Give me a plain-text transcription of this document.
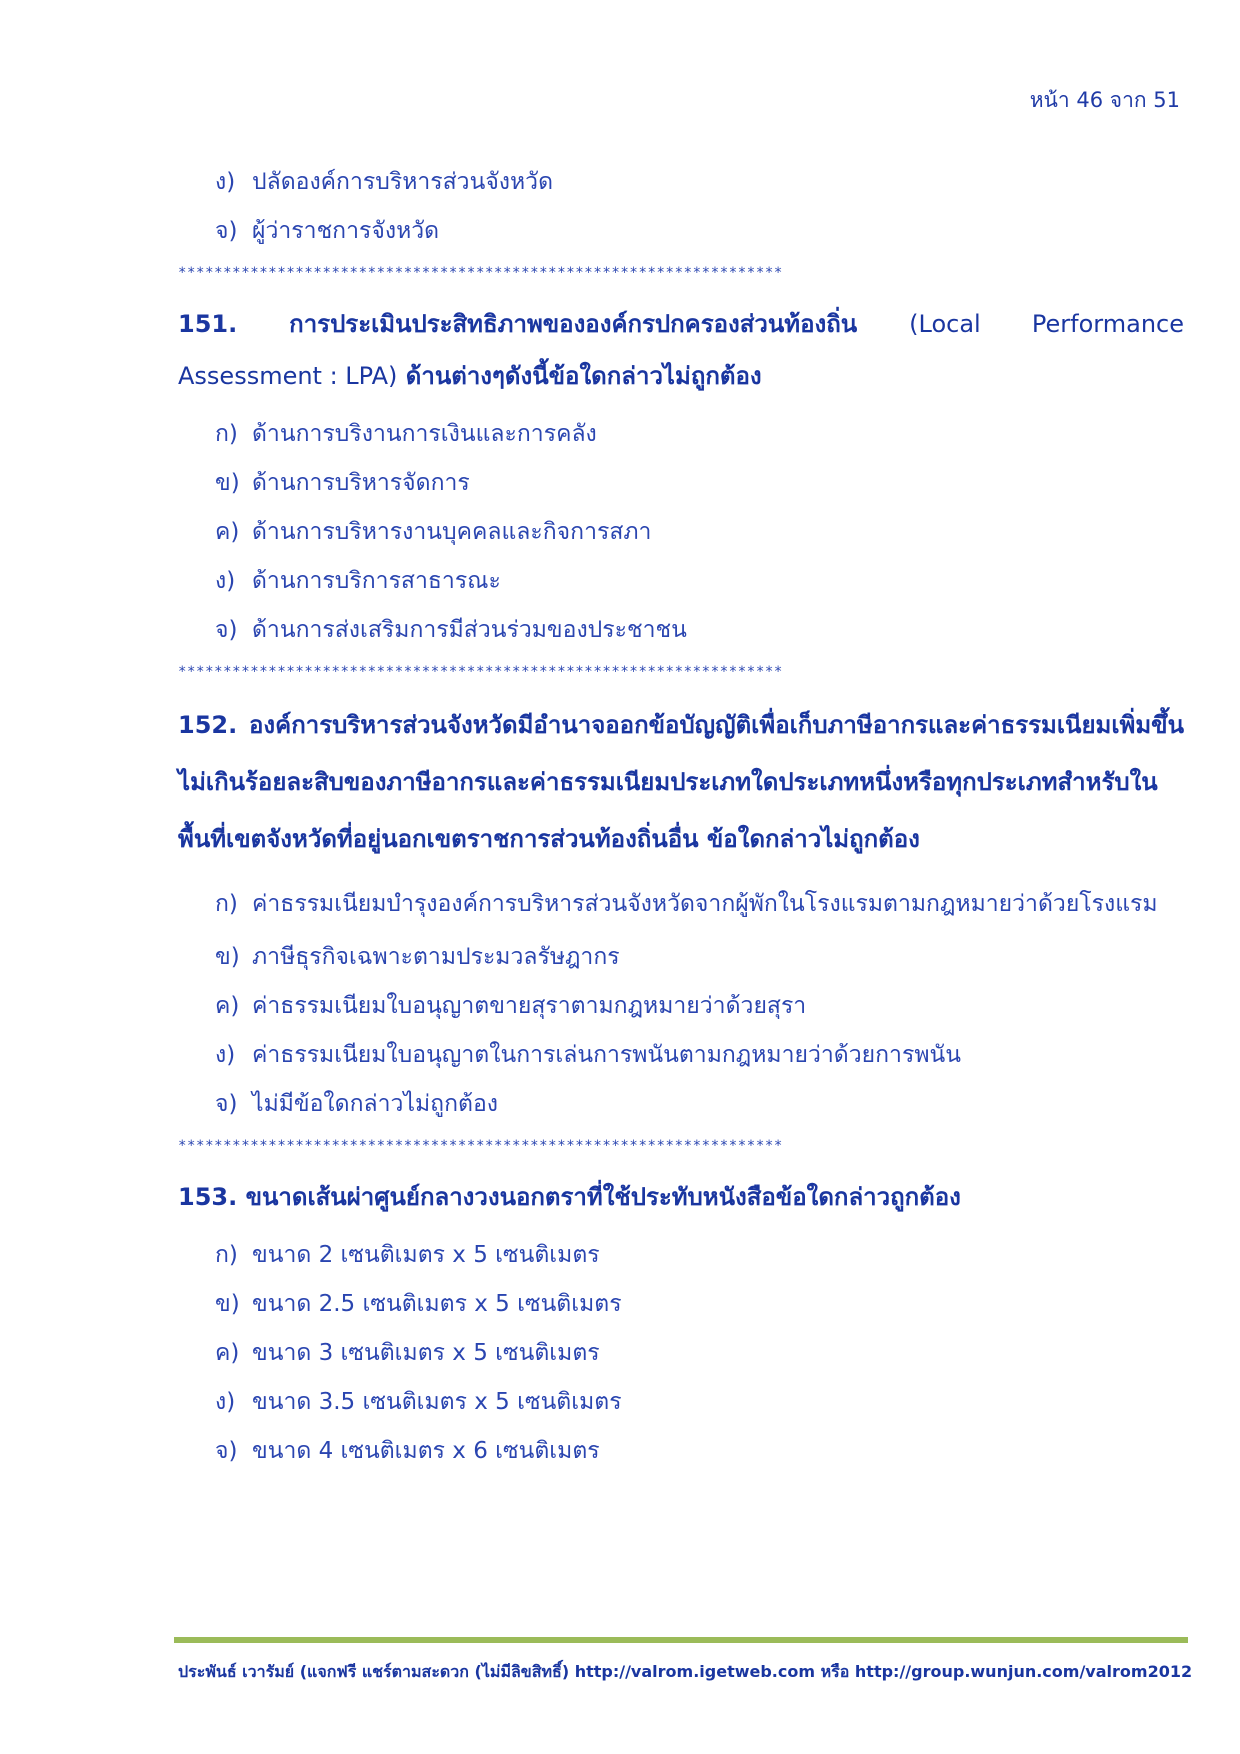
หน้า 46 จาก 51
ง) ปลัดองค์การบริหารส่วนจังหวัด
จ) ผู้ว่าราชการจังหวัด
*******************************************************************
151. การประเมินประสิทธิภาพขององค์กรปกครองส่วนท้องถิ่น (Local Performance Assessment : LPA) ด้านต่างๆดังนี้ข้อใดกล่าวไม่ถูกต้อง
ก) ด้านการบริงานการเงินและการคลัง
ข) ด้านการบริหารจัดการ
ค) ด้านการบริหารงานบุคคลและกิจการสภา
ง) ด้านการบริการสาธารณะ
จ) ด้านการส่งเสริมการมีส่วนร่วมของประชาชน
*******************************************************************
152. องค์การบริหารส่วนจังหวัดมีอำนาจออกข้อบัญญัติเพื่อเก็บภาษีอากรและค่าธรรมเนียมเพิ่มขึ้นไม่เกินร้อยละสิบของภาษีอากรและค่าธรรมเนียมประเภทใดประเภทหนึ่งหรือทุกประเภทสำหรับในพื้นที่เขตจังหวัดที่อยู่นอกเขตราชการส่วนท้องถิ่นอื่น ข้อใดกล่าวไม่ถูกต้อง
ก) ค่าธรรมเนียมบำรุงองค์การบริหารส่วนจังหวัดจากผู้พักในโรงแรมตามกฎหมายว่าด้วยโรงแรม
ข) ภาษีธุรกิจเฉพาะตามประมวลรัษฎากร
ค) ค่าธรรมเนียมใบอนุญาตขายสุราตามกฎหมายว่าด้วยสุรา
ง) ค่าธรรมเนียมใบอนุญาตในการเล่นการพนันตามกฎหมายว่าด้วยการพนัน
จ) ไม่มีข้อใดกล่าวไม่ถูกต้อง
*******************************************************************
153. ขนาดเส้นผ่าศูนย์กลางวงนอกตราที่ใช้ประทับหนังสือข้อใดกล่าวถูกต้อง
ก) ขนาด 2 เซนติเมตร x 5 เซนติเมตร
ข) ขนาด 2.5 เซนติเมตร x 5 เซนติเมตร
ค) ขนาด 3 เซนติเมตร x 5 เซนติเมตร
ง) ขนาด 3.5 เซนติเมตร x 5 เซนติเมตร
จ) ขนาด 4 เซนติเมตร x 6 เซนติเมตร
ประพันธ์ เวารัมย์ (แจกฟรี แชร์ตามสะดวก (ไม่มีลิขสิทธิ์) http://valrom.igetweb.com หรือ http://group.wunjun.com/valrom2012
